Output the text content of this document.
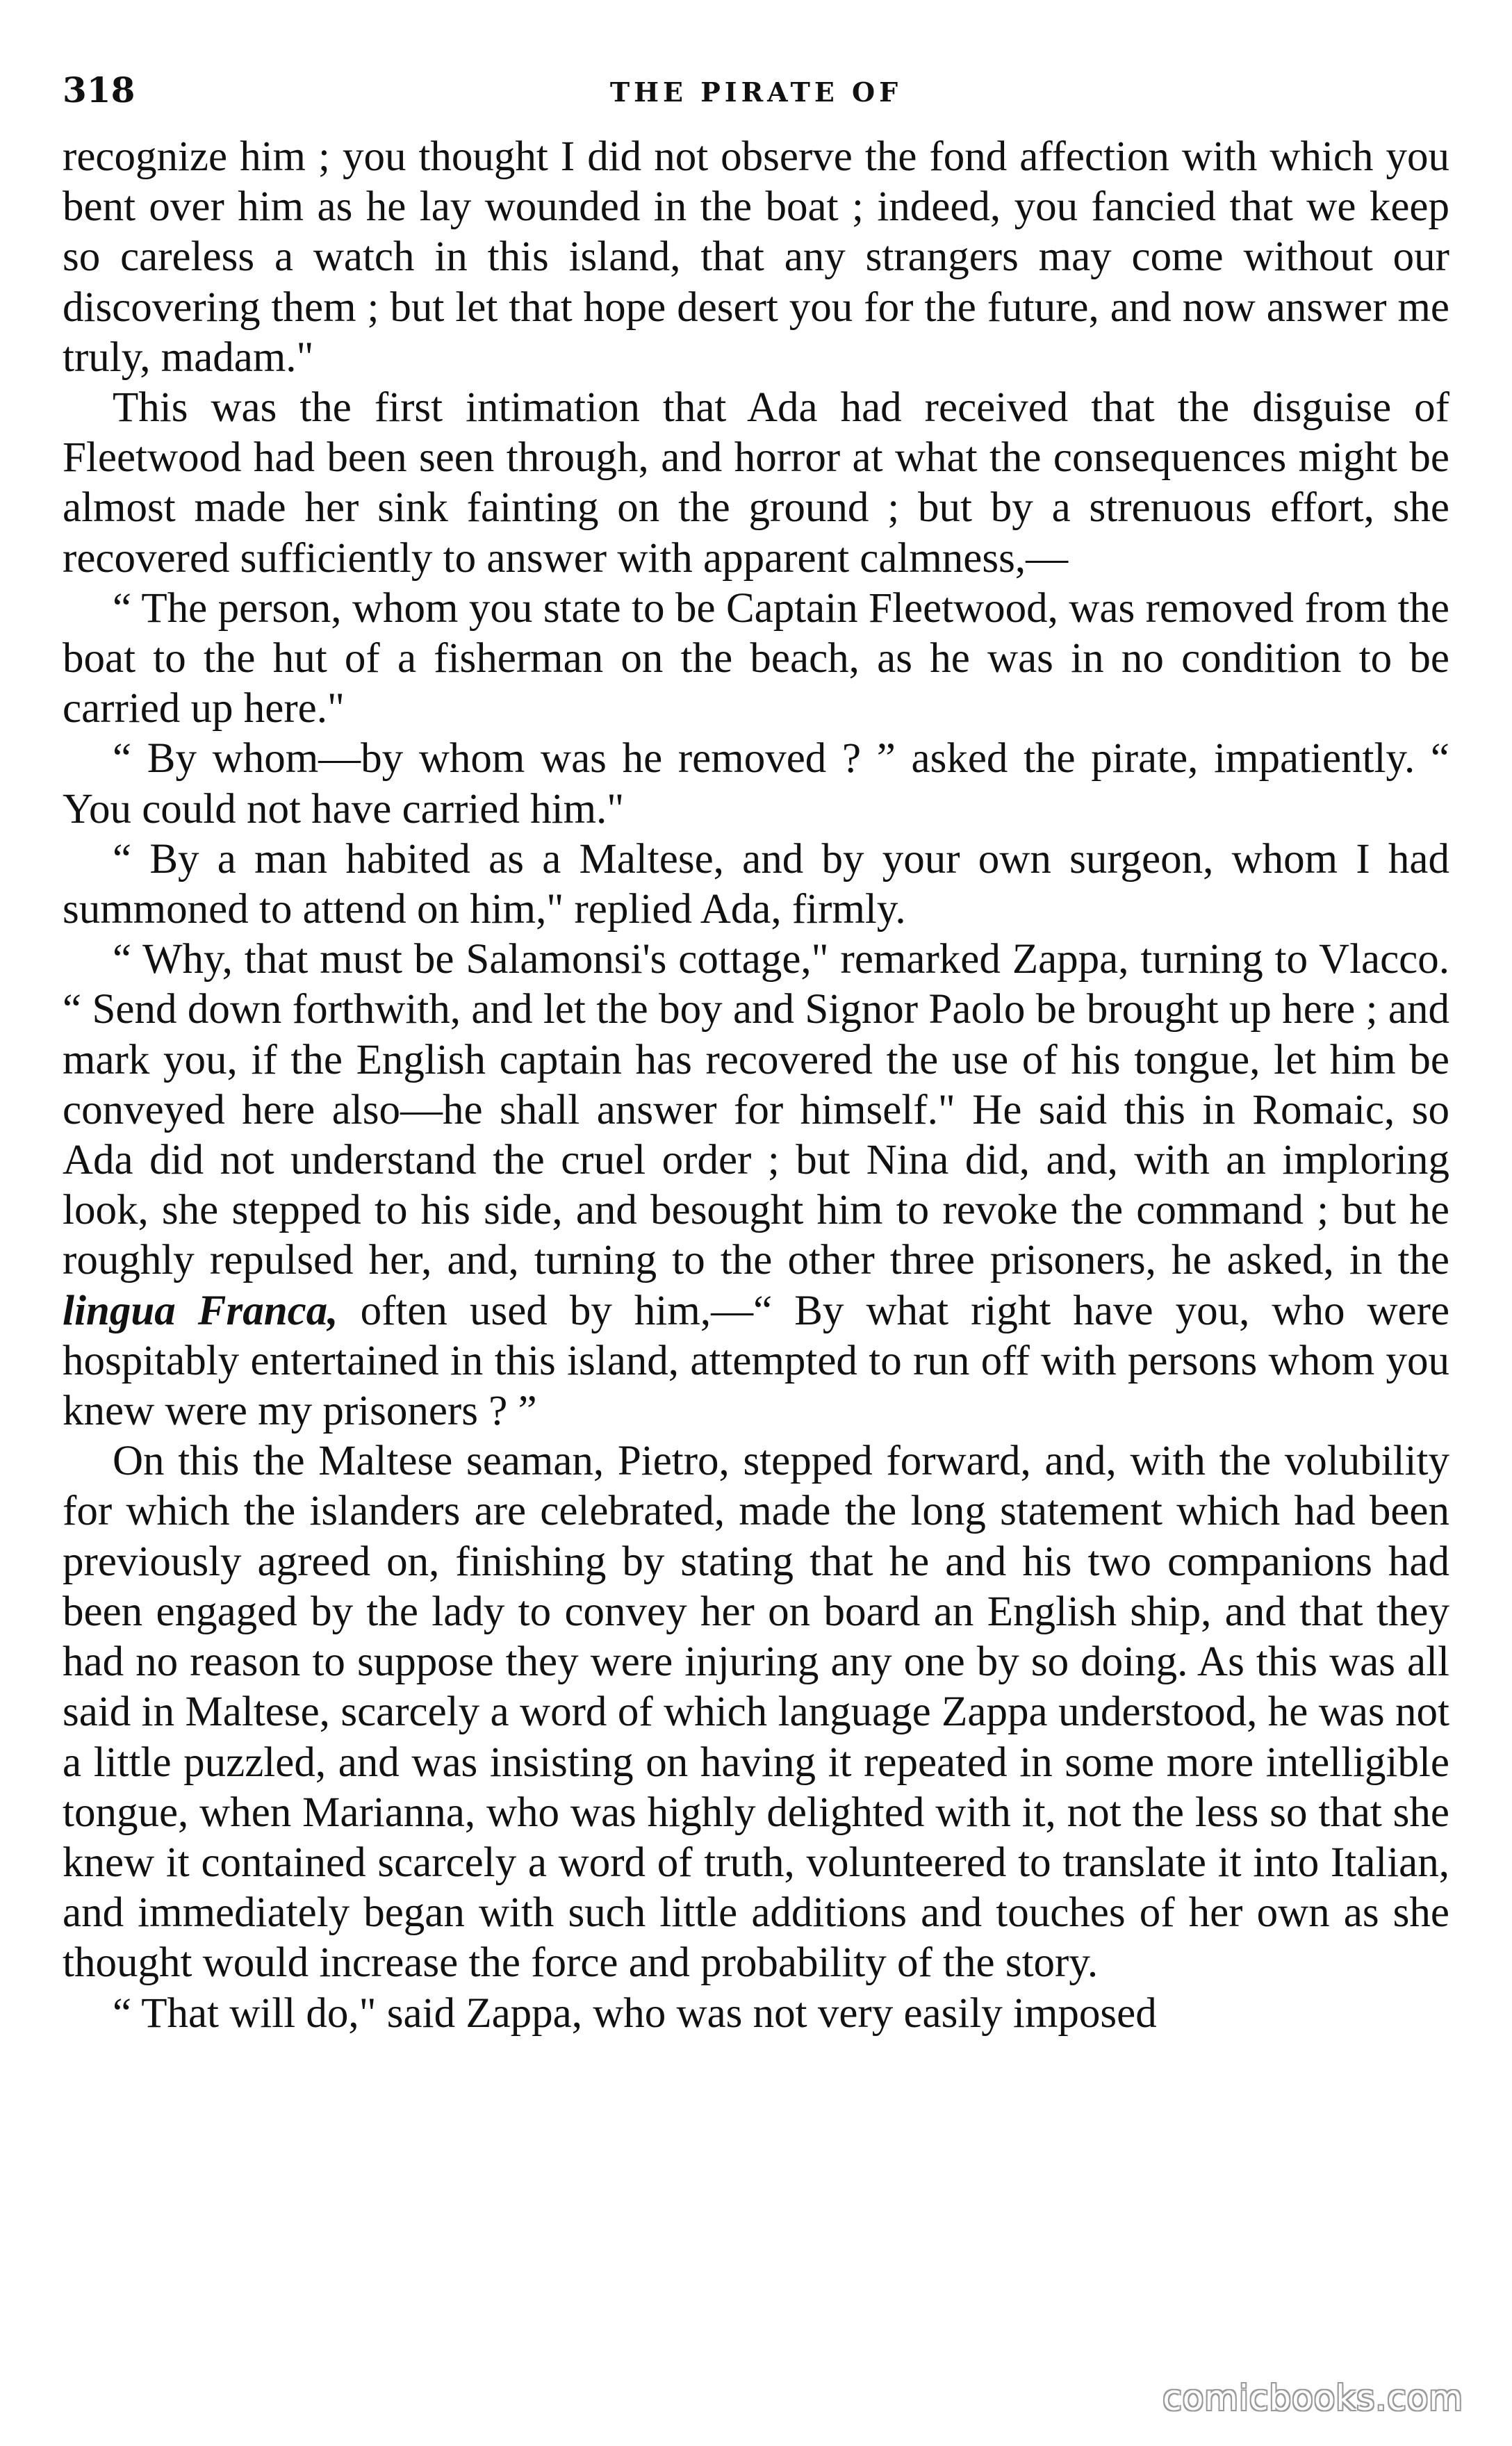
318	THE PIRATE OF

recognize him ; you thought I did not observe the fond affection with which you bent over him as he lay wounded in the boat ; indeed, you fancied that we keep so careless a watch in this island, that any strangers may come without our discovering them ; but let that hope desert you for the future, and now answer me truly, madam."

This was the first intimation that Ada had received that the disguise of Fleetwood had been seen through, and horror at what the consequences might be almost made her sink fainting on the ground ; but by a strenuous effort, she recovered sufficiently to answer with apparent calmness,—

“ The person, whom you state to be Captain Fleetwood, was removed from the boat to the hut of a fisherman on the beach, as he was in no condition to be carried up here."

“ By whom—by whom was he removed ? ” asked the pirate, impatiently. “ You could not have carried him."

“ By a man habited as a Maltese, and by your own surgeon, whom I had summoned to attend on him," replied Ada, firmly.

“ Why, that must be Salamonsi's cottage," remarked Zappa, turning to Vlacco. “ Send down forthwith, and let the boy and Signor Paolo be brought up here ; and mark you, if the English captain has recovered the use of his tongue, let him be conveyed here also—he shall answer for himself." He said this in Romaic, so Ada did not understand the cruel order ; but Nina did, and, with an imploring look, she stepped to his side, and besought him to revoke the command ; but he roughly repulsed her, and, turning to the other three prisoners, he asked, in the lingua Franca, often used by him,—“ By what right have you, who were hospitably entertained in this island, attempted to run off with persons whom you knew were my prisoners ? ”

On this the Maltese seaman, Pietro, stepped forward, and, with the volubility for which the islanders are celebrated, made the long statement which had been previously agreed on, finishing by stating that he and his two companions had been engaged by the lady to convey her on board an English ship, and that they had no reason to suppose they were injuring any one by so doing. As this was all said in Maltese, scarcely a word of which language Zappa understood, he was not a little puzzled, and was insisting on having it repeated in some more intelligible tongue, when Marianna, who was highly delighted with it, not the less so that she knew it contained scarcely a word of truth, volunteered to translate it into Italian, and immediately began with such little additions and touches of her own as she thought would increase the force and probability of the story.

“ That will do," said Zappa, who was not very easily imposed

comicbooks.com
